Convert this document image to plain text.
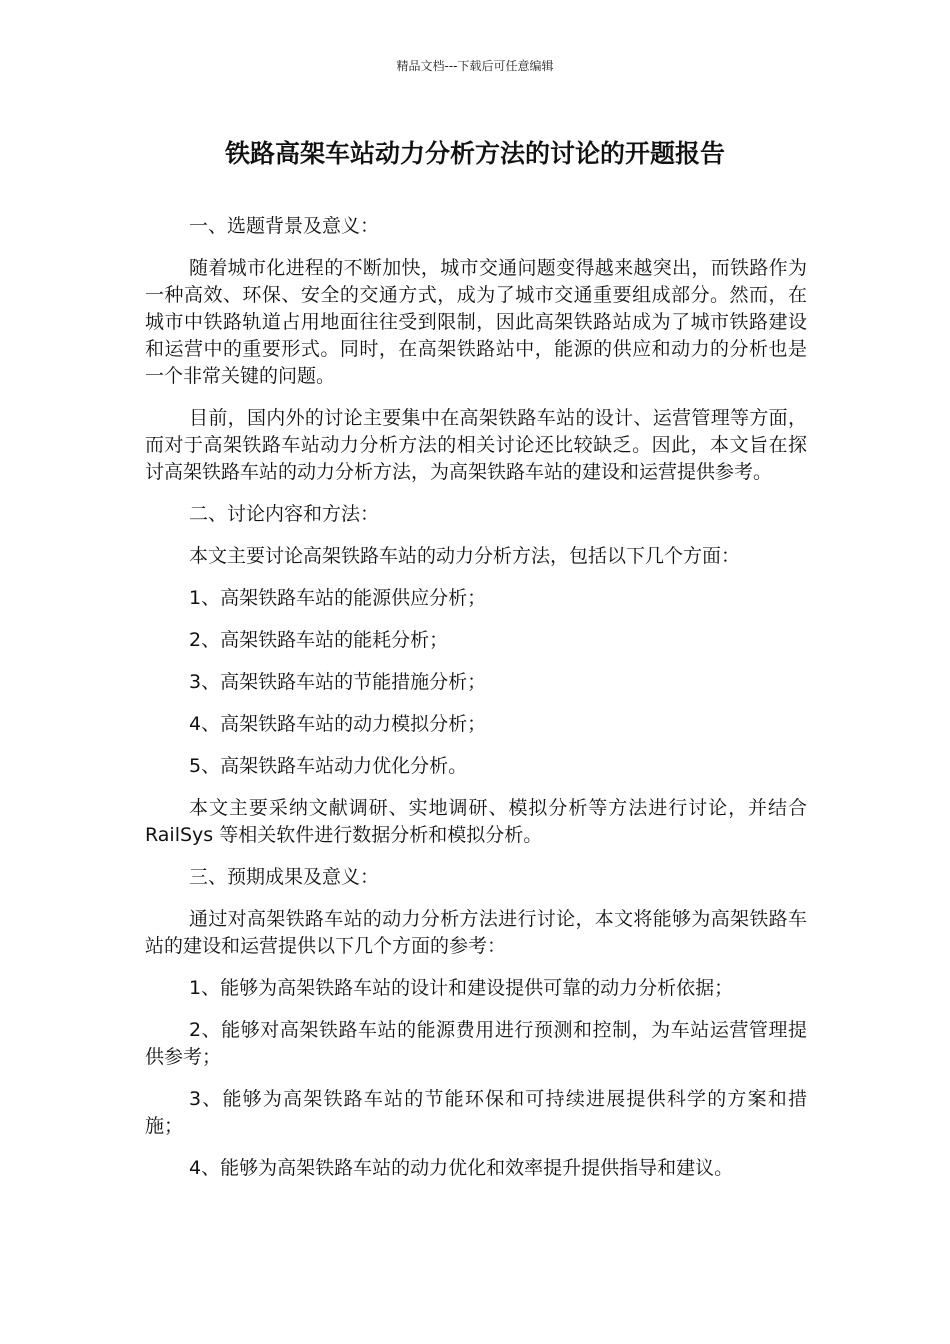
精品文档---下载后可任意编辑
铁路高架车站动力分析方法的讨论的开题报告

一、选题背景及意义：

随着城市化进程的不断加快，城市交通问题变得越来越突出，而铁路作为一种高效、环保、安全的交通方式，成为了城市交通重要组成部分。然而，在城市中铁路轨道占用地面往往受到限制，因此高架铁路站成为了城市铁路建设和运营中的重要形式。同时，在高架铁路站中，能源的供应和动力的分析也是一个非常关键的问题。

目前，国内外的讨论主要集中在高架铁路车站的设计、运营管理等方面，而对于高架铁路车站动力分析方法的相关讨论还比较缺乏。因此，本文旨在探讨高架铁路车站的动力分析方法，为高架铁路车站的建设和运营提供参考。

二、讨论内容和方法：

本文主要讨论高架铁路车站的动力分析方法，包括以下几个方面：

1、高架铁路车站的能源供应分析；

2、高架铁路车站的能耗分析；

3、高架铁路车站的节能措施分析；

4、高架铁路车站的动力模拟分析；

5、高架铁路车站动力优化分析。

本文主要采纳文献调研、实地调研、模拟分析等方法进行讨论，并结合 RailSys 等相关软件进行数据分析和模拟分析。

三、预期成果及意义：

通过对高架铁路车站的动力分析方法进行讨论，本文将能够为高架铁路车站的建设和运营提供以下几个方面的参考：

1、能够为高架铁路车站的设计和建设提供可靠的动力分析依据；

2、能够对高架铁路车站的能源费用进行预测和控制，为车站运营管理提供参考；

3、能够为高架铁路车站的节能环保和可持续进展提供科学的方案和措施；

4、能够为高架铁路车站的动力优化和效率提升提供指导和建议。
